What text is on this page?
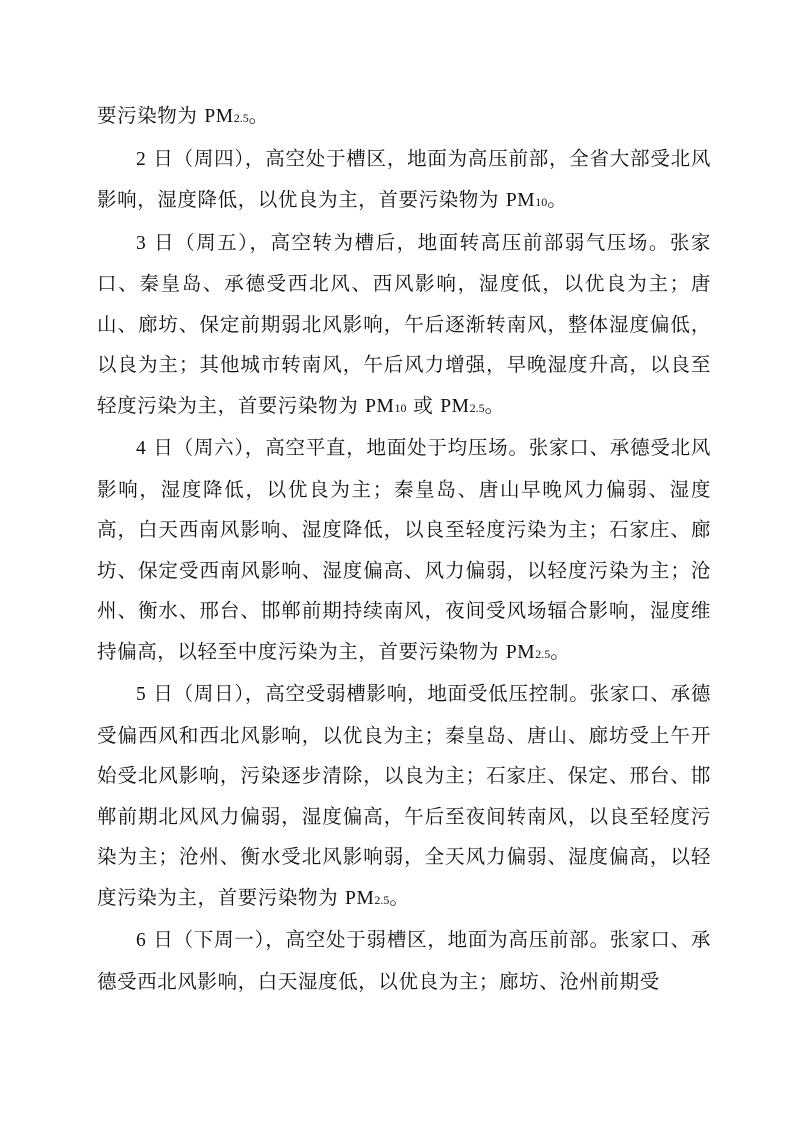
要污染物为 PM2.5。

2 日（周四），高空处于槽区，地面为高压前部，全省大部受北风影响，湿度降低，以优良为主，首要污染物为 PM10。

3 日（周五），高空转为槽后，地面转高压前部弱气压场。张家口、秦皇岛、承德受西北风、西风影响，湿度低，以优良为主；唐山、廊坊、保定前期弱北风影响，午后逐渐转南风，整体湿度偏低，以良为主；其他城市转南风，午后风力增强，早晚湿度升高，以良至轻度污染为主，首要污染物为 PM10 或 PM2.5。

4 日（周六），高空平直，地面处于均压场。张家口、承德受北风影响，湿度降低，以优良为主；秦皇岛、唐山早晚风力偏弱、湿度高，白天西南风影响、湿度降低，以良至轻度污染为主；石家庄、廊坊、保定受西南风影响、湿度偏高、风力偏弱，以轻度污染为主；沧州、衡水、邢台、邯郸前期持续南风，夜间受风场辐合影响，湿度维持偏高，以轻至中度污染为主，首要污染物为 PM2.5。

5 日（周日），高空受弱槽影响，地面受低压控制。张家口、承德受偏西风和西北风影响，以优良为主；秦皇岛、唐山、廊坊受上午开始受北风影响，污染逐步清除，以良为主；石家庄、保定、邢台、邯郸前期北风风力偏弱，湿度偏高，午后至夜间转南风，以良至轻度污染为主；沧州、衡水受北风影响弱，全天风力偏弱、湿度偏高，以轻度污染为主，首要污染物为 PM2.5。

6 日（下周一），高空处于弱槽区，地面为高压前部。张家口、承德受西北风影响，白天湿度低，以优良为主；廊坊、沧州前期受
